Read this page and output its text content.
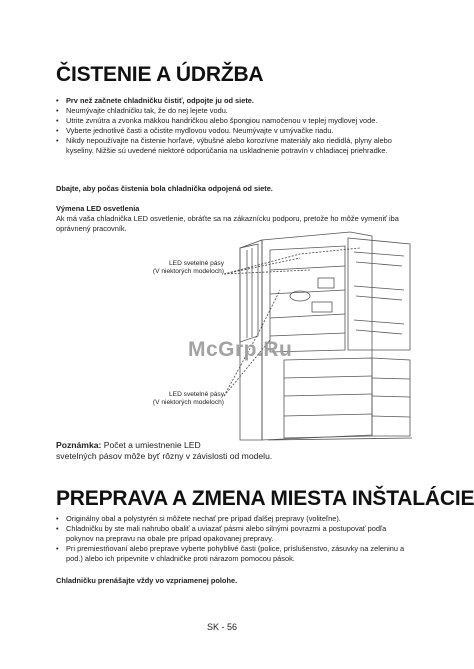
ČISTENIE A ÚDRŽBA
• Prv než začnete chladničku čistiť, odpojte ju od siete.
• Neumývajte chladničku tak, že do nej lejete vodu.
• Utrite zvnútra a zvonka mäkkou handričkou alebo špongiou namočenou v teplej mydlovej vode.
• Vyberte jednotlivé časti a očistite mydlovou vodou. Neumývajte v umývačke riadu.
• Nikdy nepoužívajte na čistenie horľavé, výbušné alebo korozívne materiály ako riedidlá, plyny alebo kyseliny. Nižšie sú uvedené niektoré odporúčania na uskladnenie potravín v chladiacej priehradke.
Dbajte, aby počas čistenia bola chladnička odpojená od siete.
Výmena LED osvetlenia
Ak má vaša chladnička LED osvetlenie, obráťte sa na zákaznícku podporu, pretože ho môže vymeniť iba oprávnený pracovník.
LED svetelné pásy
(V niektorých modeloch)
LED svetelné pásy
(V niektorých modeloch)
McGrp.Ru
Poznámka: Počet a umiestnenie LED
svetelných pásov môže byť rôzny v závislosti od modelu.
PREPRAVA A ZMENA MIESTA INŠTALÁCIE
• Originálny obal a polystyrén si môžete nechať pre prípad ďalšej prepravy (voliteľne).
• Chladničku by ste mali nahrubo obaliť a uviazať pásmi alebo silnými povrazmi a postupovať podľa pokynov na prepravu na obale pre prípad opakovanej prepravy.
• Pri premiestňovaní alebo preprave vyberte pohyblivé časti (police, príslušenstvo, zásuvky na zeleninu a pod.) alebo ich pripevnite v chladničke proti nárazom pomocou pások.
Chladničku prenášajte vždy vo vzpriamenej polohe.
SK - 56
